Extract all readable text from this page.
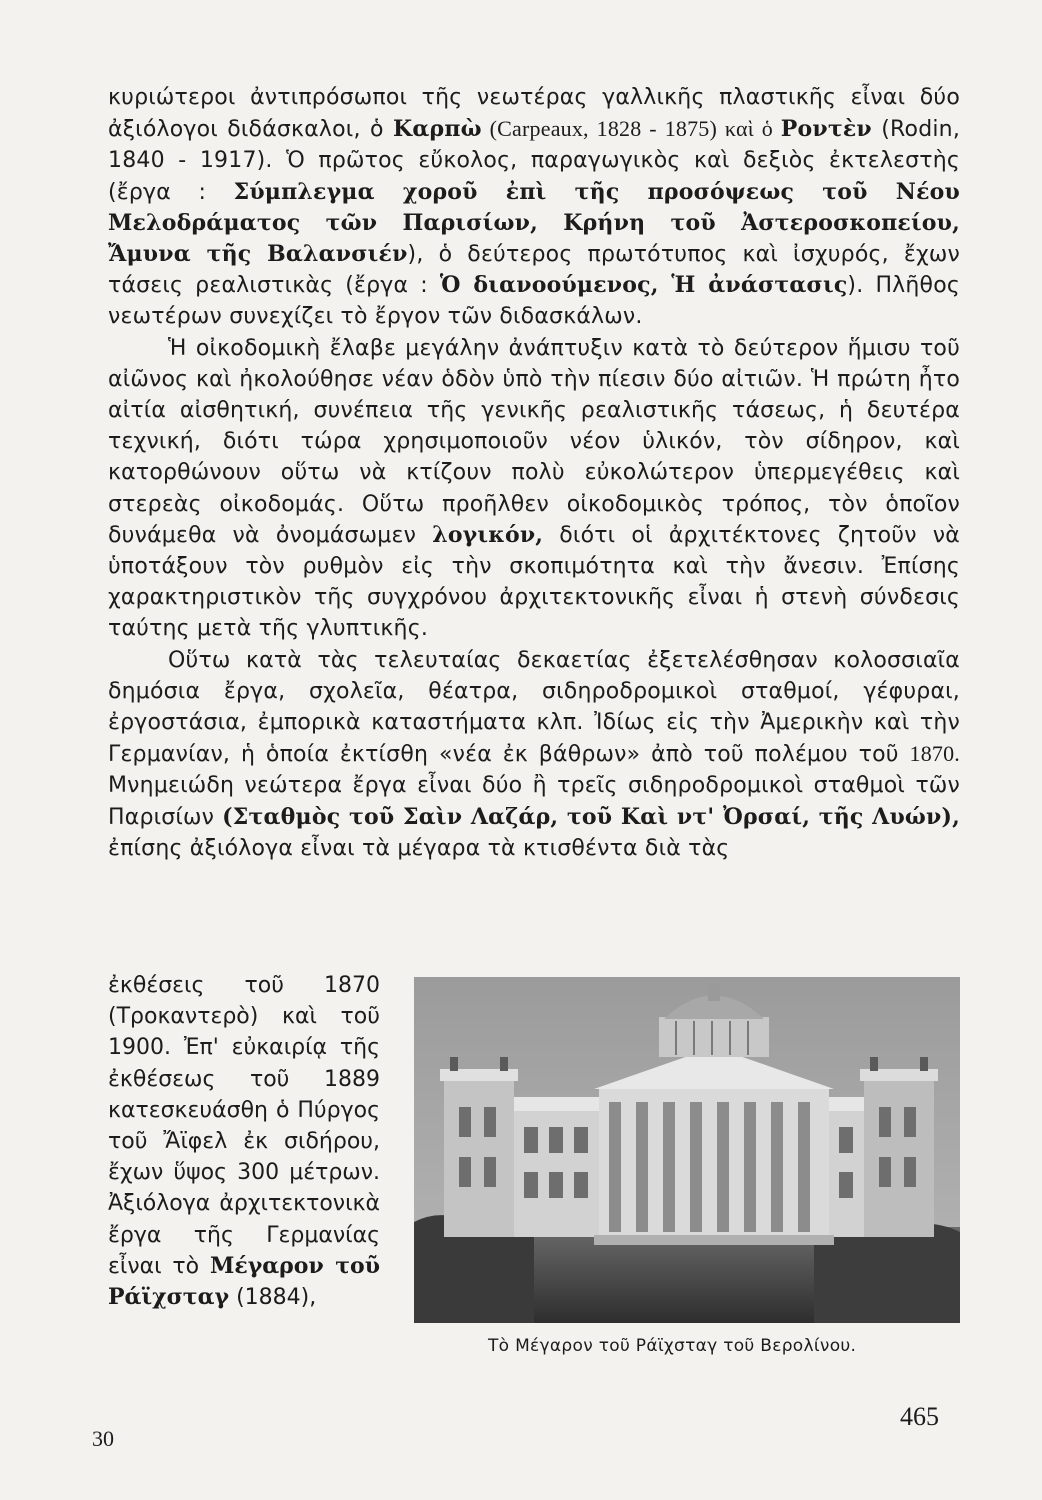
κυριώτεροι ἀντιπρόσωποι τῆς νεωτέρας γαλλικῆς πλαστικῆς εἶναι δύο ἀξιόλογοι διδάσκαλοι, ὁ Καρπὼ (Carpeaux, 1828 - 1875) καὶ ὁ Ροντὲν (Rodin, 1840 - 1917). Ὁ πρῶτος εὔκολος, παραγωγικὸς καὶ δεξιὸς ἐκτελεστὴς (ἔργα : Σύμπλεγμα χοροῦ ἐπὶ τῆς προσόψεως τοῦ Νέου Μελοδράματος τῶν Παρισίων, Κρήνη τοῦ Ἀστεροσκοπείου, Ἄμυνα τῆς Βαλανσιέν), ὁ δεύτερος πρωτότυπος καὶ ἰσχυρός, ἔχων τάσεις ρεαλιστικὰς (ἔργα : Ὁ διανοούμενος, Ἡ ἀνάστασις). Πλῆθος νεωτέρων συνεχίζει τὸ ἔργον τῶν διδασκάλων.

Ἡ οἰκοδομικὴ ἔλαβε μεγάλην ἀνάπτυξιν κατὰ τὸ δεύτερον ἥμισυ τοῦ αἰῶνος καὶ ἠκολούθησε νέαν ὁδὸν ὑπὸ τὴν πίεσιν δύο αἰτιῶν. Ἡ πρώτη ἦτο αἰτία αἰσθητική, συνέπεια τῆς γενικῆς ρεαλιστικῆς τάσεως, ἡ δευτέρα τεχνική, διότι τώρα χρησιμοποιοῦν νέον ὑλικόν, τὸν σίδηρον, καὶ κατορθώνουν οὕτω νὰ κτίζουν πολὺ εὐκολώτερον ὑπερμεγέθεις καὶ στερεὰς οἰκοδομάς. Οὕτω προῆλθεν οἰκοδομικὸς τρόπος, τὸν ὁποῖον δυνάμεθα νὰ ὀνομάσωμεν λογικόν, διότι οἱ ἀρχιτέκτονες ζητοῦν νὰ ὑποτάξουν τὸν ρυθμὸν εἰς τὴν σκοπιμότητα καὶ τὴν ἄνεσιν. Ἐπίσης χαρακτηριστικὸν τῆς συγχρόνου ἀρχιτεκτονικῆς εἶναι ἡ στενὴ σύνδεσις ταύτης μετὰ τῆς γλυπτικῆς.

Οὕτω κατὰ τὰς τελευταίας δεκαετίας ἐξετελέσθησαν κολοσσιαῖα δημόσια ἔργα, σχολεῖα, θέατρα, σιδηροδρομικοὶ σταθμοί, γέφυραι, ἐργοστάσια, ἐμπορικὰ καταστήματα κλπ. Ἰδίως εἰς τὴν Ἀμερικὴν καὶ τὴν Γερμανίαν, ἡ ὁποία ἐκτίσθη «νέα ἐκ βάθρων» ἀπὸ τοῦ πολέμου τοῦ 1870. Μνημειώδη νεώτερα ἔργα εἶναι δύο ἢ τρεῖς σιδηροδρομικοὶ σταθμοὶ τῶν Παρισίων (Σταθμὸς τοῦ Σαὶν Λαζάρ, τοῦ Καὶ ντ' Ὀρσαί, τῆς Λυών), ἐπίσης ἀξιόλογα εἶναι τὰ μέγαρα τὰ κτισθέντα διὰ τὰς

ἐκθέσεις τοῦ 1870 (Τροκαντερὸ) καὶ τοῦ 1900. Ἐπ' εὐκαιρίᾳ τῆς ἐκθέσεως τοῦ 1889 κατεσκευάσθη ὁ Πύργος τοῦ Ἄϊφελ ἐκ σιδήρου, ἔχων ὕψος 300 μέτρων. Ἀξιόλογα ἀρχιτεκτονικὰ ἔργα τῆς Γερμανίας εἶναι τὸ Μέγαρον τοῦ Ράϊχσταγ (1884),

Τὸ Μέγαρον τοῦ Ράϊχσταγ τοῦ Βερολίνου.
465
30
